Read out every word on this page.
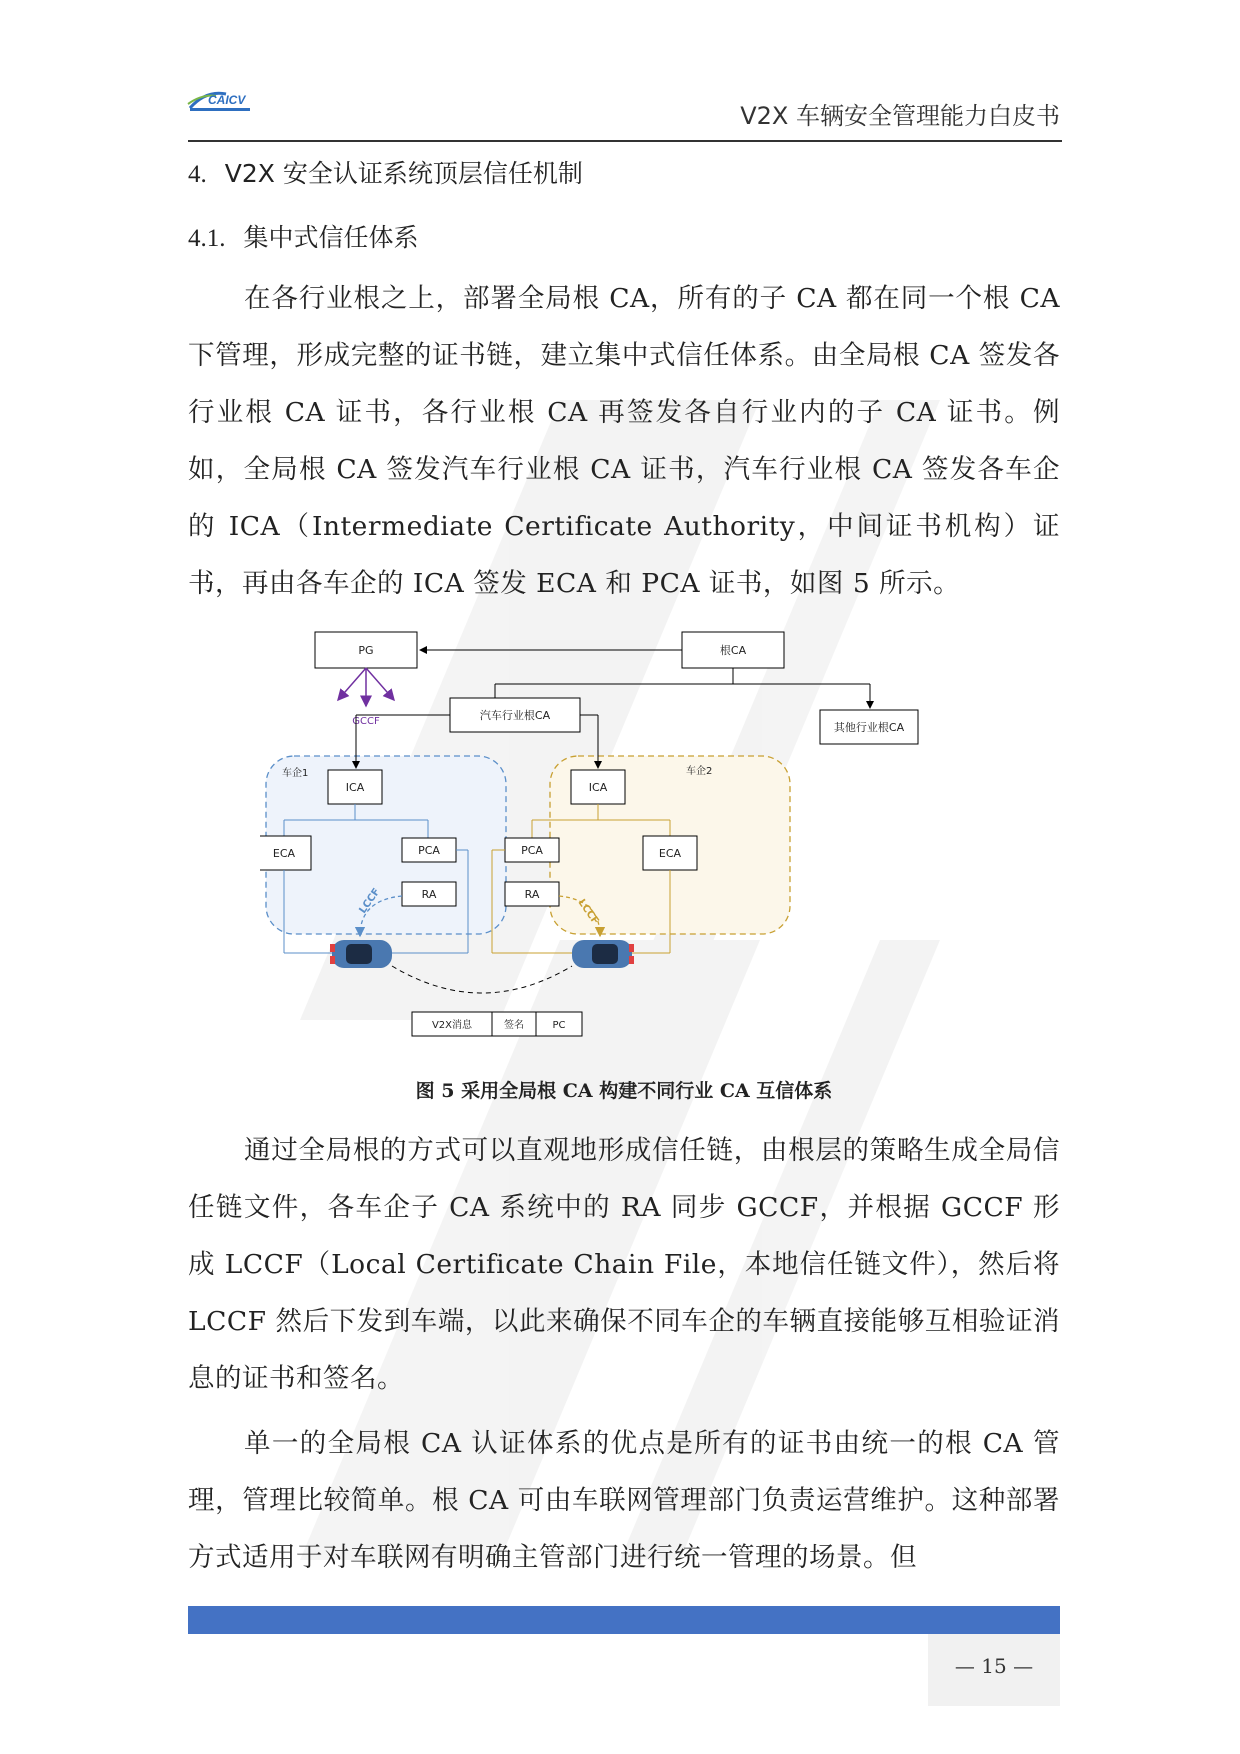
CAICV
V2X 车辆安全管理能力白皮书
4. V2X 安全认证系统顶层信任机制
4.1. 集中式信任体系
在各行业根之上，部署全局根 CA，所有的子 CA 都在同一个根 CA 下管理，形成完整的证书链，建立集中式信任体系。由全局根 CA 签发各行业根 CA 证书，各行业根 CA 再签发各自行业内的子 CA 证书。例如，全局根 CA 签发汽车行业根 CA 证书，汽车行业根 CA 签发各车企的 ICA（Intermediate Certificate Authority，中间证书机构）证书，再由各车企的 ICA 签发 ECA 和 PCA 证书，如图 5 所示。
PG	根CA
GCCF	汽车行业根CA
其他行业根CA
车企1	车企2
ICA
ECA	PCA
RA
LCCF
ICA
PCA	ECA
RA
LCCF
V2X消息	签名	PC
图 5 采用全局根 CA 构建不同行业 CA 互信体系
通过全局根的方式可以直观地形成信任链，由根层的策略生成全局信任链文件，各车企子 CA 系统中的 RA 同步 GCCF，并根据 GCCF 形成 LCCF（Local Certificate Chain File，本地信任链文件），然后将 LCCF 然后下发到车端，以此来确保不同车企的车辆直接能够互相验证消息的证书和签名。
单一的全局根 CA 认证体系的优点是所有的证书由统一的根 CA 管理，管理比较简单。根 CA 可由车联网管理部门负责运营维护。这种部署方式适用于对车联网有明确主管部门进行统一管理的场景。但
— 15 —
